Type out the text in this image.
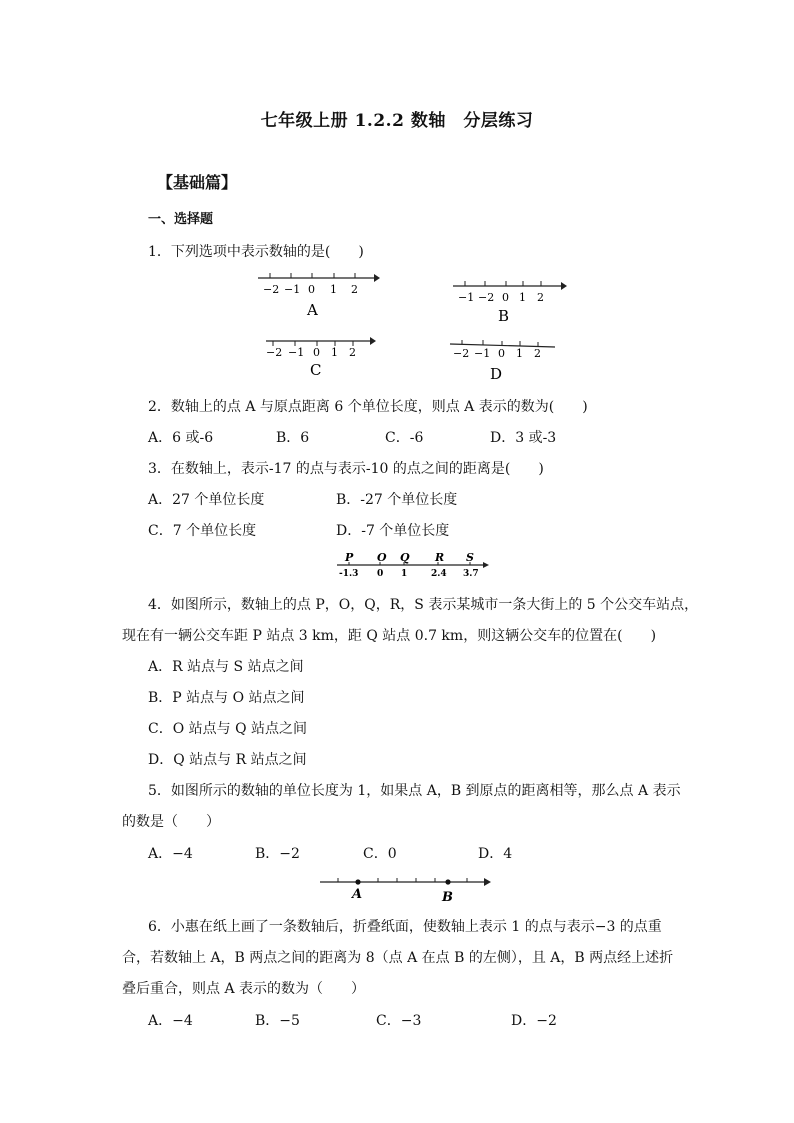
七年级上册 1.2.2 数轴　分层练习
【基础篇】
一、选择题
1．下列选项中表示数轴的是(　　)
−2 −1 0 1 2
A
−1 −2 0 1 2
B
−2 −1 0 1 2
C
−2 −1 0 1 2
D
2．数轴上的点 A 与原点距离 6 个单位长度，则点 A 表示的数为(　　)
A．6 或-6	B．6	C．-6	D．3 或-3
3．在数轴上，表示-17 的点与表示-10 的点之间的距离是(　　)
A．27 个单位长度	B．-27 个单位长度
C．7 个单位长度	D．-7 个单位长度
P O Q R S
-1.3 0 1	2.4 3.7
4．如图所示，数轴上的点 P，O，Q，R，S 表示某城市一条大街上的 5 个公交车站点，
现在有一辆公交车距 P 站点 3 km，距 Q 站点 0.7 km，则这辆公交车的位置在(　　)
A．R 站点与 S 站点之间
B．P 站点与 O 站点之间
C．O 站点与 Q 站点之间
D．Q 站点与 R 站点之间
5．如图所示的数轴的单位长度为 1，如果点 A，B 到原点的距离相等，那么点 A 表示
的数是（　　）
A．−4	B．−2	C．0	D．4
A	B
6．小惠在纸上画了一条数轴后，折叠纸面，使数轴上表示 1 的点与表示−3 的点重
合，若数轴上 A，B 两点之间的距离为 8（点 A 在点 B 的左侧），且 A，B 两点经上述折
叠后重合，则点 A 表示的数为（　　）
A．−4	B．−5	C．−3	D．−2
